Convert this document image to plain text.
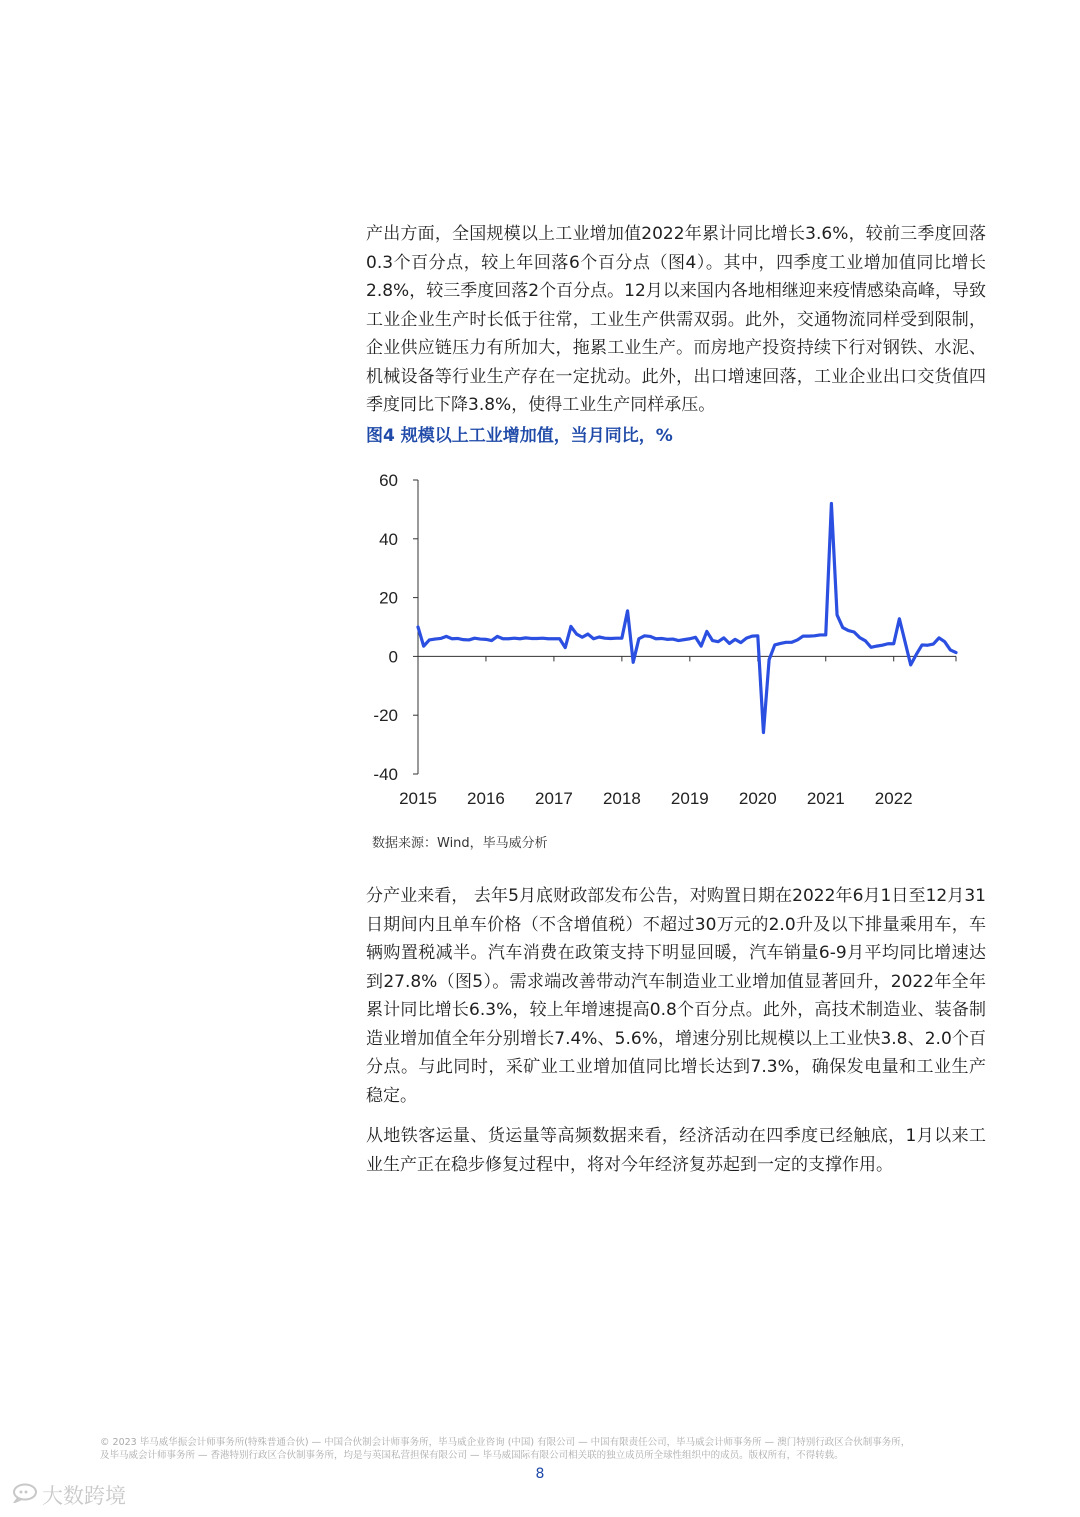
产出方面，全国规模以上工业增加值2022年累计同比增长3.6%，较前三季度回落0.3个百分点，较上年回落6个百分点（图4）。其中，四季度工业增加值同比增长2.8%，较三季度回落2个百分点。12月以来国内各地相继迎来疫情感染高峰，导致工业企业生产时长低于往常，工业生产供需双弱。此外，交通物流同样受到限制，企业供应链压力有所加大，拖累工业生产。而房地产投资持续下行对钢铁、水泥、机械设备等行业生产存在一定扰动。此外，出口增速回落，工业企业出口交货值四季度同比下降3.8%，使得工业生产同样承压。
图4 规模以上工业增加值，当月同比，%
60
40
20
0
-20
-40
2015 2016 2017 2018 2019 2020 2021 2022
数据来源：Wind，毕马威分析
分产业来看， 去年5月底财政部发布公告，对购置日期在2022年6月1日至12月31日期间内且单车价格（不含增值税）不超过30万元的2.0升及以下排量乘用车，车辆购置税减半。汽车消费在政策支持下明显回暖，汽车销量6-9月平均同比增速达到27.8%（图5）。需求端改善带动汽车制造业工业增加值显著回升，2022年全年累计同比增长6.3%，较上年增速提高0.8个百分点。此外，高技术制造业、装备制造业增加值全年分别增长7.4%、5.6%，增速分别比规模以上工业快3.8、2.0个百分点。与此同时，采矿业工业增加值同比增长达到7.3%，确保发电量和工业生产稳定。
从地铁客运量、货运量等高频数据来看，经济活动在四季度已经触底，1月以来工业生产正在稳步修复过程中，将对今年经济复苏起到一定的支撑作用。
© 2023 毕马威华振会计师事务所(特殊普通合伙) — 中国合伙制会计师事务所，毕马威企业咨询 (中国) 有限公司 — 中国有限责任公司，毕马威会计师事务所 — 澳门特别行政区合伙制事务所，
及毕马威会计师事务所 — 香港特别行政区合伙制事务所，均是与英国私营担保有限公司 — 毕马威国际有限公司相关联的独立成员所全球性组织中的成员。版权所有，不得转载。
8
大数跨境
